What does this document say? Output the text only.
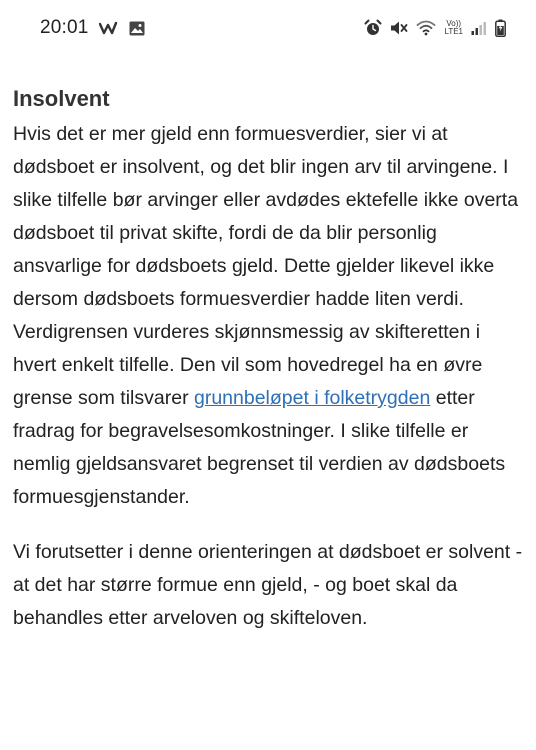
20:01	Vo))
LTE1
Insolvent

Hvis det er mer gjeld enn formuesverdier, sier vi at dødsboet er insolvent, og det blir ingen arv til arvingene. I slike tilfelle bør arvinger eller avdødes ektefelle ikke overta dødsboet til privat skifte, fordi de da blir personlig ansvarlige for dødsboets gjeld. Dette gjelder likevel ikke dersom dødsboets formuesverdier hadde liten verdi. Verdigrensen vurderes skjønnsmessig av skifteretten i hvert enkelt tilfelle. Den vil som hovedregel ha en øvre grense som tilsvarer grunnbeløpet i folketrygden etter fradrag for begravelsesomkostninger. I slike tilfelle er nemlig gjeldsansvaret begrenset til verdien av dødsboets formuesgjenstander.

Vi forutsetter i denne orienteringen at dødsboet er solvent - at det har større formue enn gjeld, - og boet skal da behandles etter arveloven og skifteloven.
